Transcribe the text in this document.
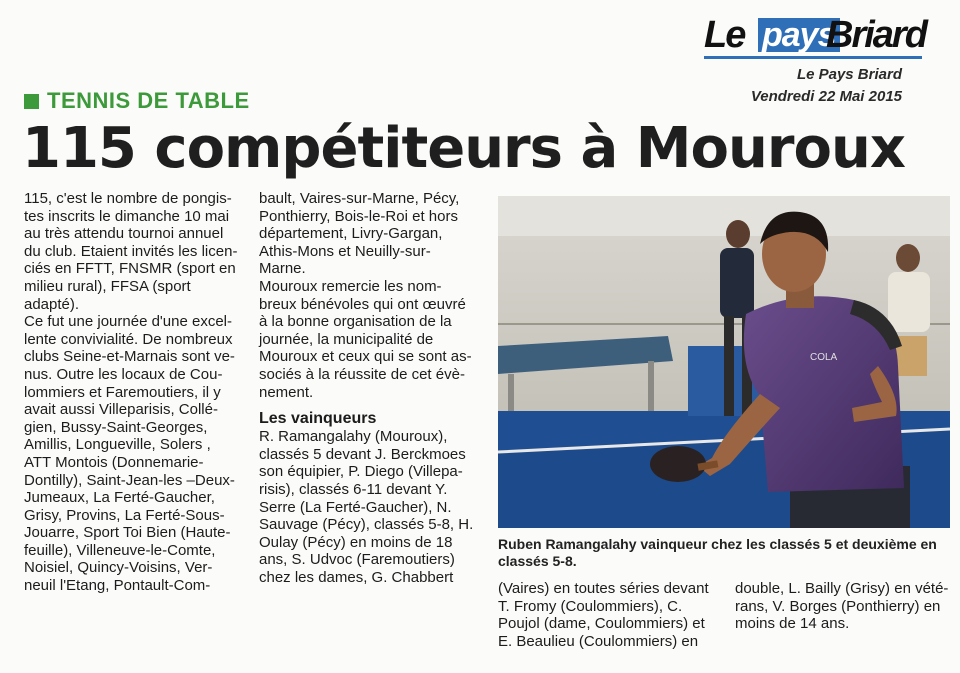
Le pays
Briard
Le Pays Briard
Vendredi 22 Mai 2015
TENNIS DE TABLE
115 compétiteurs à Mouroux

115, c'est le nombre de pongis-

tes inscrits le dimanche 10 mai

au très attendu tournoi annuel

du club. Etaient invités les licen-

ciés en FFTT, FNSMR (sport en

milieu rural), FFSA (sport

adapté).

Ce fut une journée d'une excel-

lente convivialité. De nombreux

clubs Seine-et-Marnais sont ve-

nus. Outre les locaux de Cou-

lommiers et Faremoutiers, il y

avait aussi Villeparisis, Collé-

gien, Bussy-Saint-Georges,

Amillis, Longueville, Solers ,

ATT Montois (Donnemarie-

Dontilly), Saint-Jean-les –Deux-

Jumeaux, La Ferté-Gaucher,

Grisy, Provins, La Ferté-Sous-

Jouarre, Sport Toi Bien (Haute-

feuille), Villeneuve-le-Comte,

Noisiel, Quincy-Voisins, Ver-

neuil l'Etang, Pontault-Com-

bault, Vaires-sur-Marne, Pécy,

Ponthierry, Bois-le-Roi et hors

département, Livry-Gargan,

Athis-Mons et Neuilly-sur-

Marne.

Mouroux remercie les nom-

breux bénévoles qui ont œuvré

à la bonne organisation de la

journée, la municipalité de

Mouroux et ceux qui se sont as-

sociés à la réussite de cet évè-

nement.

Les vainqueurs

R. Ramangalahy (Mouroux),

classés 5 devant J. Berckmoes

son équipier, P. Diego (Villepa-

risis), classés 6-11 devant Y.

Serre (La Ferté-Gaucher), N.

Sauvage (Pécy), classés 5-8, H.

Oulay (Pécy) en moins de 18

ans, S. Udvoc (Faremoutiers)

chez les dames, G. Chabbert

COLA
Ruben Ramangalahy vainqueur chez les classés 5 et deuxième en classés 5-8.

(Vaires) en toutes séries devant

T. Fromy (Coulommiers), C.

Poujol (dame, Coulommiers) et

E. Beaulieu (Coulommiers) en

double, L. Bailly (Grisy) en vété-

rans, V. Borges (Ponthierry) en

moins de 14 ans.
